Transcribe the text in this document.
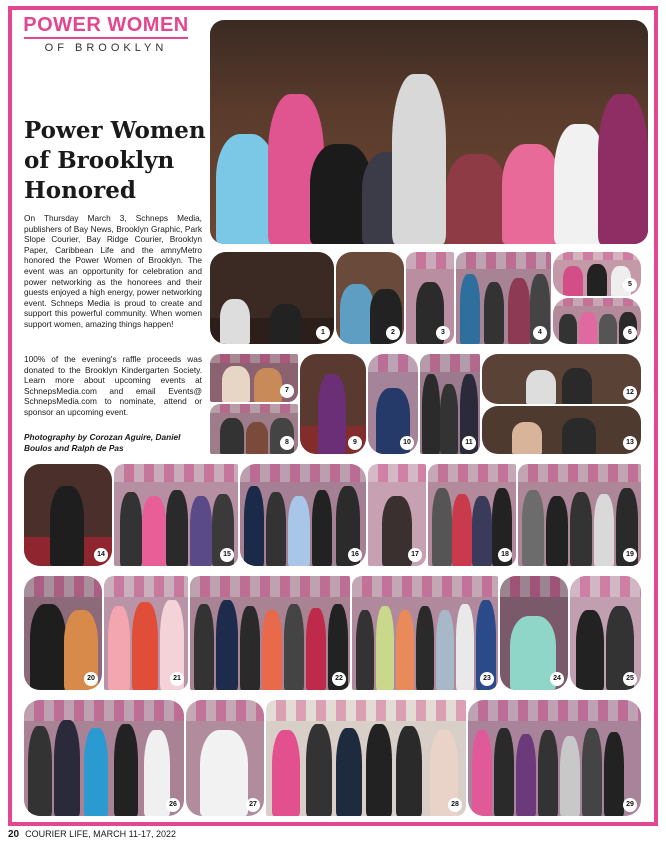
POWER WOMEN
OF BROOKLYN
Power Women of Brooklyn Honored

On Thursday March 3, Schneps Media, publishers of Bay News, Brooklyn Graphic, Park Slope Courier, Bay Ridge Courier, Brooklyn Paper, Caribbean Life and the amnyMetro honored the Power Women of Brooklyn. The event was an opportunity for celebration and power networking as the honorees and their guests enjoyed a high energy, power networking event. Schneps Media is proud to create and support this powerful community. When women support women, amazing things happen!

100% of the evening's raffle proceeds was donated to the Brooklyn Kindergarten Society. Learn more about upcoming events at SchnepsMedia.com and email Events@ SchnepsMedia.com to nominate, attend or sponsor an upcoming event.

Photography by Corozan Aguire, Daniel Boulos and Ralph de Pas

1	2	3	4
5
6
7
8	9	10	11
12
13
14	15	16	17	18	19
20	21	22	23	24	25
26	27	28	29
20 COURIER LIFE, MARCH 11-17, 2022
